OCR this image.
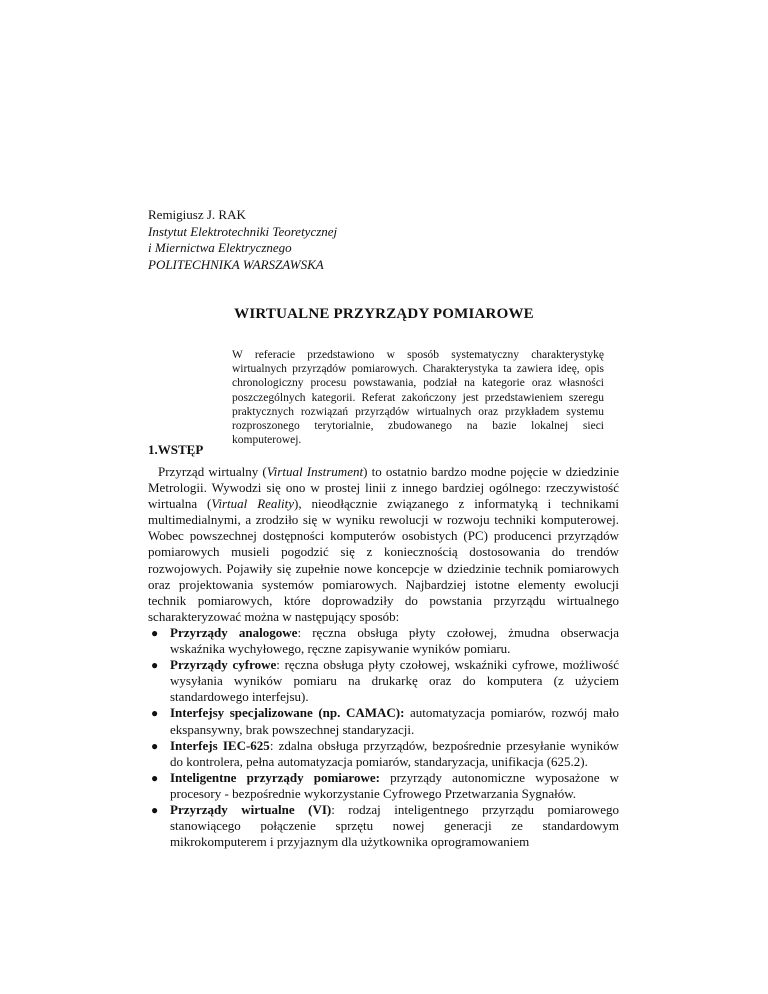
Remigiusz J. RAK
Instytut Elektrotechniki Teoretycznej
i Miernictwa Elektrycznego
POLITECHNIKA WARSZAWSKA
WIRTUALNE PRZYRZĄDY POMIAROWE
W referacie przedstawiono w sposób systematyczny charakterystykę wirtualnych przyrządów pomiarowych. Charakterystyka ta zawiera ideę, opis chronologiczny procesu powstawania, podział na kategorie oraz własności poszczególnych kategorii. Referat zakończony jest przedstawieniem szeregu praktycznych rozwiązań przyrządów wirtualnych oraz przykładem systemu rozproszonego terytorialnie, zbudowanego na bazie lokalnej sieci komputerowej.
1.WSTĘP

Przyrząd wirtualny (Virtual Instrument) to ostatnio bardzo modne pojęcie w dziedzinie Metrologii. Wywodzi się ono w prostej linii z innego bardziej ogólnego: rzeczywistość wirtualna (Virtual Reality), nieodłącznie związanego z informatyką i technikami multimedialnymi, a zrodziło się w wyniku rewolucji w rozwoju techniki komputerowej. Wobec powszechnej dostępności komputerów osobistych (PC) producenci przyrządów pomiarowych musieli pogodzić się z koniecznością dostosowania do trendów rozwojowych. Pojawiły się zupełnie nowe koncepcje w dziedzinie technik pomiarowych oraz projektowania systemów pomiarowych. Najbardziej istotne elementy ewolucji technik pomiarowych, które doprowadziły do powstania przyrządu wirtualnego scharakteryzować można w następujący sposób:

● Przyrządy analogowe: ręczna obsługa płyty czołowej, żmudna obserwacja wskaźnika wychyłowego, ręczne zapisywanie wyników pomiaru.
● Przyrządy cyfrowe: ręczna obsługa płyty czołowej, wskaźniki cyfrowe, możliwość wysyłania wyników pomiaru na drukarkę oraz do komputera (z użyciem standardowego interfejsu).
● Interfejsy specjalizowane (np. CAMAC): automatyzacja pomiarów, rozwój mało ekspansywny, brak powszechnej standaryzacji.
● Interfejs IEC-625: zdalna obsługa przyrządów, bezpośrednie przesyłanie wyników do kontrolera, pełna automatyzacja pomiarów, standaryzacja, unifikacja (625.2).
● Inteligentne przyrządy pomiarowe: przyrządy autonomiczne wyposażone w procesory - bezpośrednie wykorzystanie Cyfrowego Przetwarzania Sygnałów.
● Przyrządy wirtualne (VI): rodzaj inteligentnego przyrządu pomiarowego stanowiącego połączenie sprzętu nowej generacji ze standardowym mikrokomputerem i przyjaznym dla użytkownika oprogramowaniem
